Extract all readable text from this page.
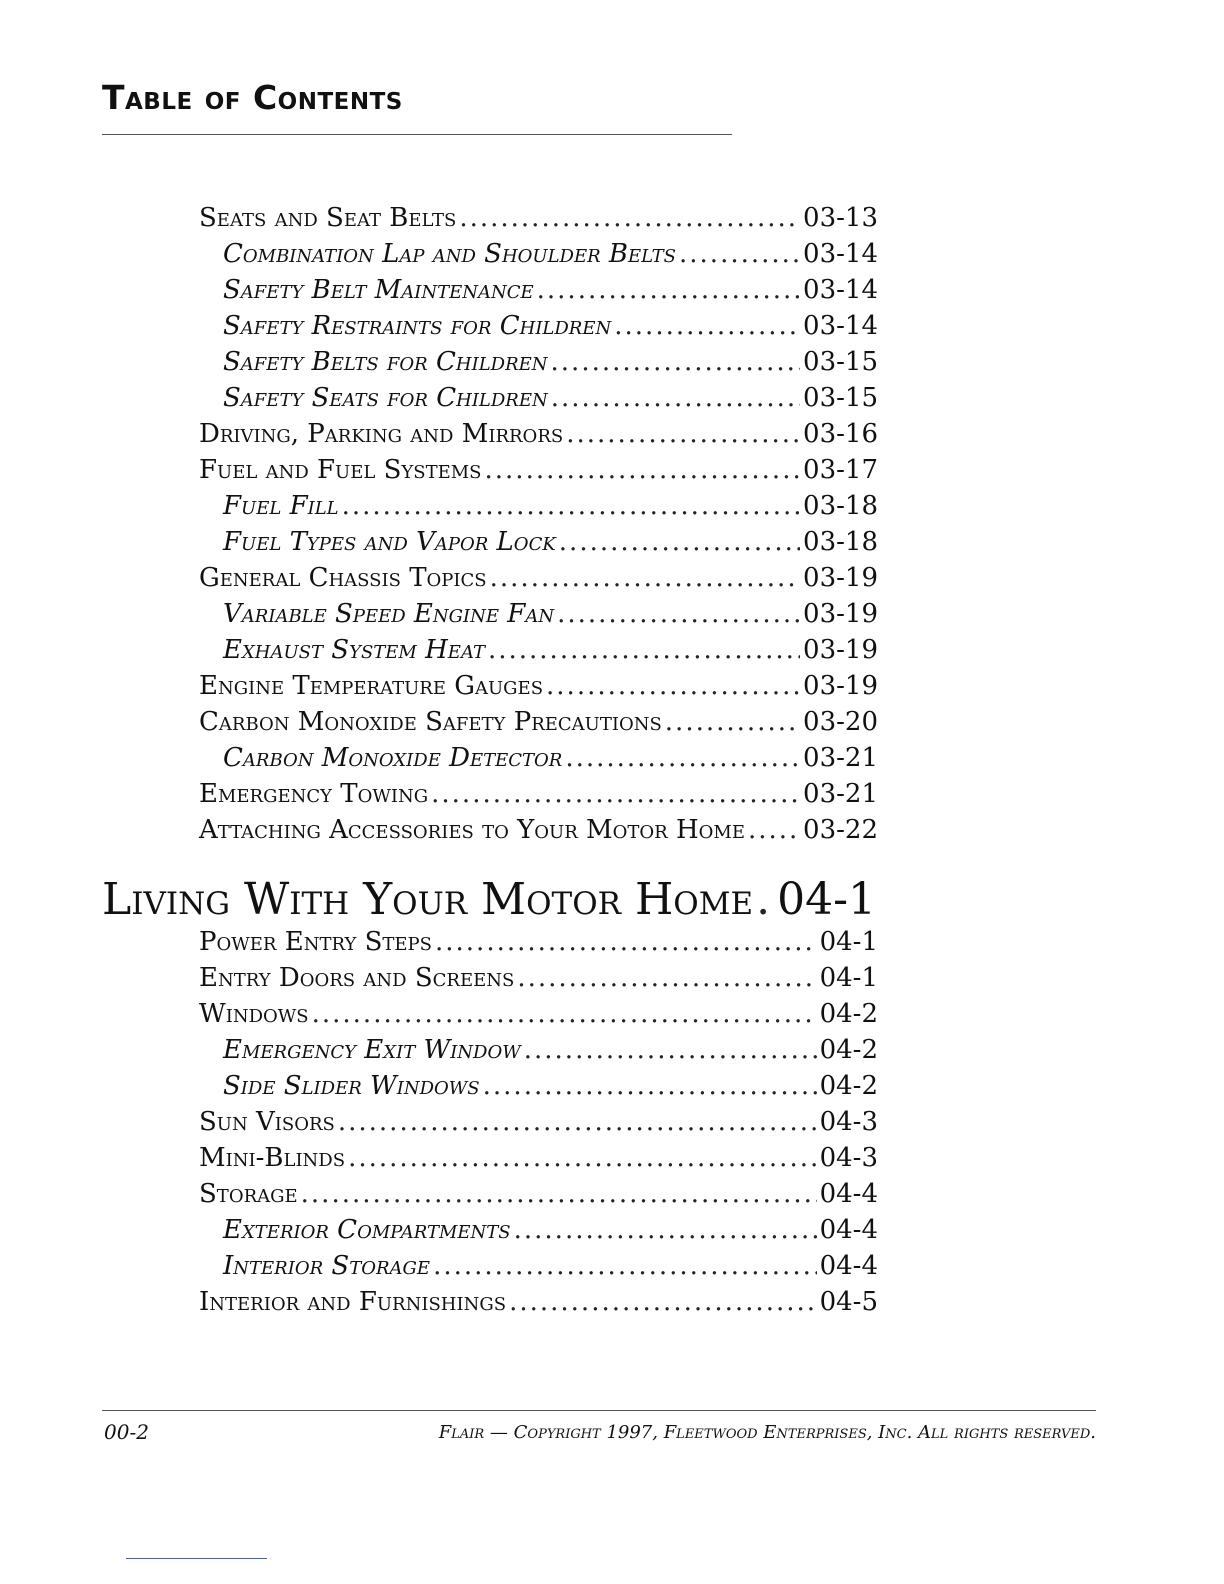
Table of Contents
Seats and Seat Belts .....	03-13
Combination Lap and Shoulder Belts .....	03-14
Safety Belt Maintenance .....	03-14
Safety Restraints for Children .....	03-14
Safety Belts for Children .....	03-15
Safety Seats for Children .....	03-15
Driving, Parking and Mirrors .....	03-16
Fuel and Fuel Systems .....	03-17
Fuel Fill .....	03-18
Fuel Types and Vapor Lock .....	03-18
General Chassis Topics .....	03-19
Variable Speed Engine Fan .....	03-19
Exhaust System Heat .....	03-19
Engine Temperature Gauges .....	03-19
Carbon Monoxide Safety Precautions .....	03-20
Carbon Monoxide Detector .....	03-21
Emergency Towing .....	03-21
Attaching Accessories to Your Motor Home ..... 03-22
Living With Your Motor Home ..... 04-1
Power Entry Steps .....	04-1
Entry Doors and Screens .....	04-1
Windows .....	04-2
Emergency Exit Window .....	04-2
Side Slider Windows .....	04-2
Sun Visors .....	04-3
Mini-Blinds .....	04-3
Storage .....	04-4
Exterior Compartments .....	04-4
Interior Storage .....	04-4
Interior and Furnishings .....	04-5
00-2	Flair — Copyright 1997, Fleetwood Enterprises, Inc. All rights reserved.
